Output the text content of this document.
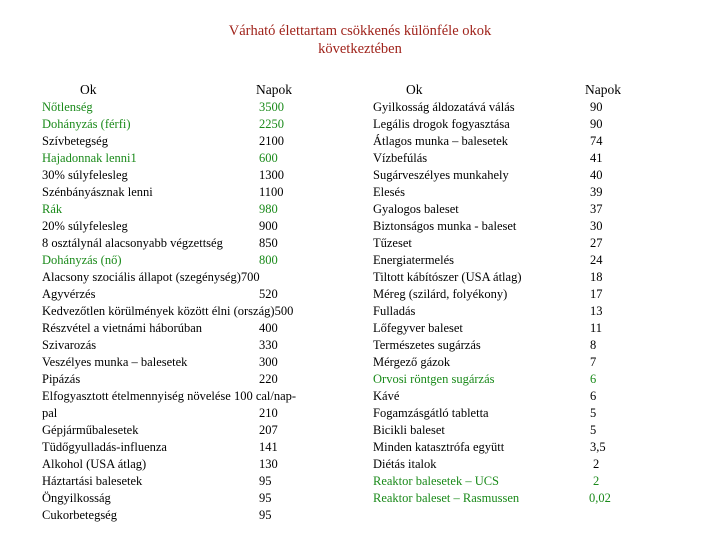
Várható élettartam csökkenés különféle okok
következtében
Ok	Napok	Ok	Napok
Nőtlenség	3500
Dohányzás (férfi)	2250
Szívbetegség	2100
Hajadonnak lenni1	600
30% súlyfelesleg	1300
Szénbányásznak lenni	1100
Rák	980
20% súlyfelesleg	900
8 osztálynál alacsonyabb végzettség	850
Dohányzás (nő)	800
Alacsony szociális állapot (szegénység)700
Agyvérzés	520
Kedvezőtlen körülmények között élni (ország)500
Részvétel a vietnámi háborúban	400
Szivarozás	330
Veszélyes munka – balesetek	300
Pipázás	220
Elfogyasztott ételmennyiség növelése 100 cal/nap-
pal	210
Gépjárműbalesetek	207
Tüdőgyulladás-influenza	141
Alkohol (USA átlag)	130
Háztartási balesetek	95
Öngyilkosság	95
Cukorbetegség	95
Gyilkosság áldozatává válás	90
Legális drogok fogyasztása	90
Átlagos munka – balesetek	74
Vízbefúlás	41
Sugárveszélyes munkahely	40
Elesés	39
Gyalogos baleset	37
Biztonságos munka - baleset	30
Tűzeset	27
Energiatermelés	24
Tiltott kábítószer (USA átlag)	18
Méreg (szilárd, folyékony)	17
Fulladás	13
Lőfegyver baleset	11
Természetes sugárzás	8
Mérgező gázok	7
Orvosi röntgen sugárzás	6
Kávé	6
Fogamzásgátló tabletta	5
Bicikli baleset	5
Minden katasztrófa együtt	3,5
Diétás italok	2
Reaktor balesetek – UCS	2
Reaktor baleset – Rasmussen	0,02
